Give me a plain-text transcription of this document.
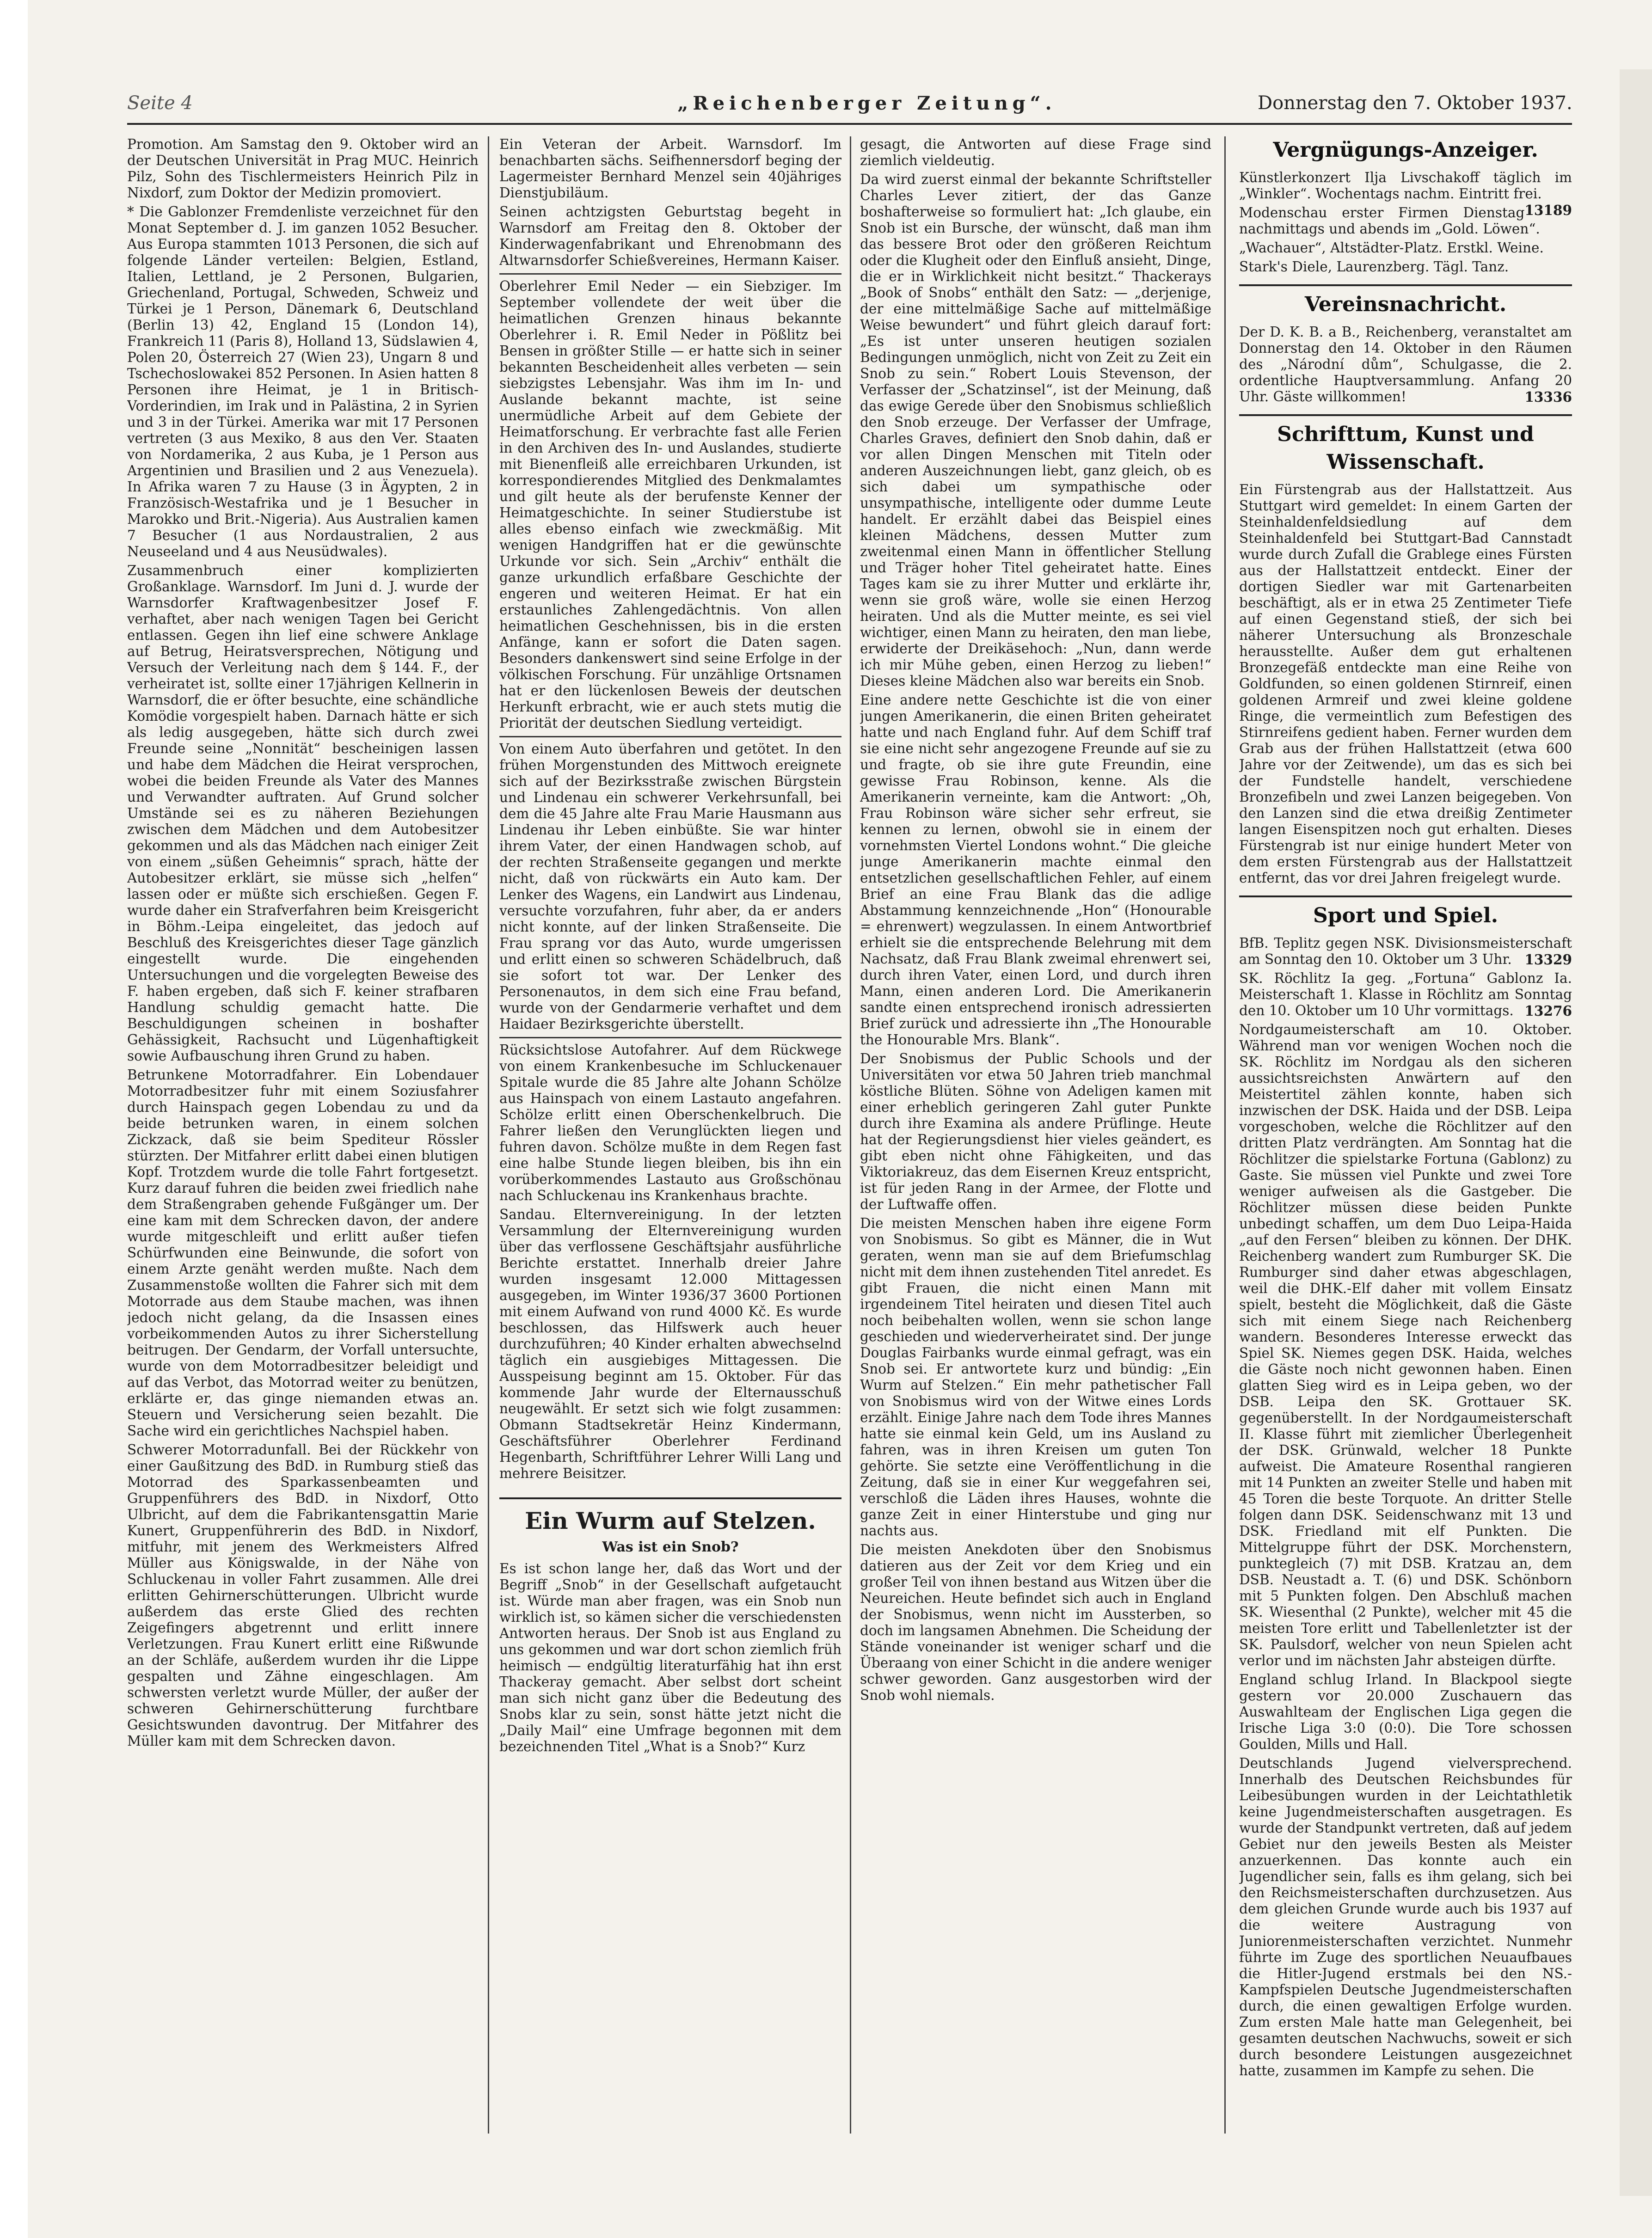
Seite 4	„Reichenberger Zeitung“.	Donnerstag den 7. Oktober 1937.

Promotion. Am Samstag den 9. Oktober wird an der Deutschen Universität in Prag MUC. Heinrich Pilz, Sohn des Tischlermeisters Heinrich Pilz in Nixdorf, zum Doktor der Medizin promoviert.

* Die Gablonzer Fremdenliste verzeichnet für den Monat September d. J. im ganzen 1052 Besucher. Aus Europa stammten 1013 Personen, die sich auf folgende Länder verteilen: Belgien, Estland, Italien, Lettland, je 2 Personen, Bulgarien, Griechenland, Portugal, Schweden, Schweiz und Türkei je 1 Person, Dänemark 6, Deutschland (Berlin 13) 42, England 15 (London 14), Frankreich 11 (Paris 8), Holland 13, Südslawien 4, Polen 20, Österreich 27 (Wien 23), Ungarn 8 und Tschechoslowakei 852 Personen. In Asien hatten 8 Personen ihre Heimat, je 1 in Britisch-Vorderindien, im Irak und in Palästina, 2 in Syrien und 3 in der Türkei. Amerika war mit 17 Personen vertreten (3 aus Mexiko, 8 aus den Ver. Staaten von Nordamerika, 2 aus Kuba, je 1 Person aus Argentinien und Brasilien und 2 aus Venezuela). In Afrika waren 7 zu Hause (3 in Ägypten, 2 in Französisch-Westafrika und je 1 Besucher in Marokko und Brit.-Nigeria). Aus Australien kamen 7 Besucher (1 aus Nordaustralien, 2 aus Neuseeland und 4 aus Neusüdwales).

Zusammenbruch einer komplizierten Großanklage. Warnsdorf. Im Juni d. J. wurde der Warnsdorfer Kraftwagenbesitzer Josef F. verhaftet, aber nach wenigen Tagen bei Gericht entlassen. Gegen ihn lief eine schwere Anklage auf Betrug, Heiratsversprechen, Nötigung und Versuch der Verleitung nach dem § 144. F., der verheiratet ist, sollte einer 17jährigen Kellnerin in Warnsdorf, die er öfter besuchte, eine schändliche Komödie vorgespielt haben. Darnach hätte er sich als ledig ausgegeben, hätte sich durch zwei Freunde seine „Nonnität“ bescheinigen lassen und habe dem Mädchen die Heirat versprochen, wobei die beiden Freunde als Vater des Mannes und Verwandter auftraten. Auf Grund solcher Umstände sei es zu näheren Beziehungen zwischen dem Mädchen und dem Autobesitzer gekommen und als das Mädchen nach einiger Zeit von einem „süßen Geheimnis“ sprach, hätte der Autobesitzer erklärt, sie müsse sich „helfen“ lassen oder er müßte sich erschießen. Gegen F. wurde daher ein Strafverfahren beim Kreisgericht in Böhm.-Leipa eingeleitet, das jedoch auf Beschluß des Kreisgerichtes dieser Tage gänzlich eingestellt wurde. Die eingehenden Untersuchungen und die vorgelegten Beweise des F. haben ergeben, daß sich F. keiner strafbaren Handlung schuldig gemacht hatte. Die Beschuldigungen scheinen in boshafter Gehässigkeit, Rachsucht und Lügenhaftigkeit sowie Aufbauschung ihren Grund zu haben.

Betrunkene Motorradfahrer. Ein Lobendauer Motorradbesitzer fuhr mit einem Soziusfahrer durch Hainspach gegen Lobendau zu und da beide betrunken waren, in einem solchen Zickzack, daß sie beim Spediteur Rössler stürzten. Der Mitfahrer erlitt dabei einen blutigen Kopf. Trotzdem wurde die tolle Fahrt fortgesetzt. Kurz darauf fuhren die beiden zwei friedlich nahe dem Straßengraben gehende Fußgänger um. Der eine kam mit dem Schrecken davon, der andere wurde mitgeschleift und erlitt außer tiefen Schürfwunden eine Beinwunde, die sofort von einem Arzte genäht werden mußte. Nach dem Zusammenstoße wollten die Fahrer sich mit dem Motorrade aus dem Staube machen, was ihnen jedoch nicht gelang, da die Insassen eines vorbeikommenden Autos zu ihrer Sicherstellung beitrugen. Der Gendarm, der Vorfall untersuchte, wurde von dem Motorradbesitzer beleidigt und auf das Verbot, das Motorrad weiter zu benützen, erklärte er, das ginge niemanden etwas an. Steuern und Versicherung seien bezahlt. Die Sache wird ein gerichtliches Nachspiel haben.

Schwerer Motorradunfall. Bei der Rückkehr von einer Gaußitzung des BdD. in Rumburg stieß das Motorrad des Sparkassenbeamten und Gruppenführers des BdD. in Nixdorf, Otto Ulbricht, auf dem die Fabrikantensgattin Marie Kunert, Gruppenführerin des BdD. in Nixdorf, mitfuhr, mit jenem des Werkmeisters Alfred Müller aus Königswalde, in der Nähe von Schluckenau in voller Fahrt zusammen. Alle drei erlitten Gehirnerschütterungen. Ulbricht wurde außerdem das erste Glied des rechten Zeigefingers abgetrennt und erlitt innere Verletzungen. Frau Kunert erlitt eine Rißwunde an der Schläfe, außerdem wurden ihr die Lippe gespalten und Zähne eingeschlagen. Am schwersten verletzt wurde Müller, der außer der schweren Gehirnerschütterung furchtbare Gesichtswunden davontrug. Der Mitfahrer des Müller kam mit dem Schrecken davon.

Ein Veteran der Arbeit. Warnsdorf. Im benachbarten sächs. Seifhennersdorf beging der Lagermeister Bernhard Menzel sein 40jähriges Dienstjubiläum.

Seinen achtzigsten Geburtstag begeht in Warnsdorf am Freitag den 8. Oktober der Kinderwagenfabrikant und Ehrenobmann des Altwarnsdorfer Schießvereines, Hermann Kaiser.

Oberlehrer Emil Neder — ein Siebziger. Im September vollendete der weit über die heimatlichen Grenzen hinaus bekannte Oberlehrer i. R. Emil Neder in Pößlitz bei Bensen in größter Stille — er hatte sich in seiner bekannten Bescheidenheit alles verbeten — sein siebzigstes Lebensjahr. Was ihm im In- und Auslande bekannt machte, ist seine unermüdliche Arbeit auf dem Gebiete der Heimatforschung. Er verbrachte fast alle Ferien in den Archiven des In- und Auslandes, studierte mit Bienenfleiß alle erreichbaren Urkunden, ist korrespondierendes Mitglied des Denkmalamtes und gilt heute als der berufenste Kenner der Heimatgeschichte. In seiner Studierstube ist alles ebenso einfach wie zweckmäßig. Mit wenigen Handgriffen hat er die gewünschte Urkunde vor sich. Sein „Archiv“ enthält die ganze urkundlich erfaßbare Geschichte der engeren und weiteren Heimat. Er hat ein erstaunliches Zahlengedächtnis. Von allen heimatlichen Geschehnissen, bis in die ersten Anfänge, kann er sofort die Daten sagen. Besonders dankenswert sind seine Erfolge in der völkischen Forschung. Für unzählige Ortsnamen hat er den lückenlosen Beweis der deutschen Herkunft erbracht, wie er auch stets mutig die Priorität der deutschen Siedlung verteidigt.

Von einem Auto überfahren und getötet. In den frühen Morgenstunden des Mittwoch ereignete sich auf der Bezirksstraße zwischen Bürgstein und Lindenau ein schwerer Verkehrsunfall, bei dem die 45 Jahre alte Frau Marie Hausmann aus Lindenau ihr Leben einbüßte. Sie war hinter ihrem Vater, der einen Handwagen schob, auf der rechten Straßenseite gegangen und merkte nicht, daß von rückwärts ein Auto kam. Der Lenker des Wagens, ein Landwirt aus Lindenau, versuchte vorzufahren, fuhr aber, da er anders nicht konnte, auf der linken Straßenseite. Die Frau sprang vor das Auto, wurde umgerissen und erlitt einen so schweren Schädelbruch, daß sie sofort tot war. Der Lenker des Personenautos, in dem sich eine Frau befand, wurde von der Gendarmerie verhaftet und dem Haidaer Bezirksgerichte überstellt.

Rücksichtslose Autofahrer. Auf dem Rückwege von einem Krankenbesuche im Schluckenauer Spitale wurde die 85 Jahre alte Johann Schölze aus Hainspach von einem Lastauto angefahren. Schölze erlitt einen Oberschenkelbruch. Die Fahrer ließen den Verunglückten liegen und fuhren davon. Schölze mußte in dem Regen fast eine halbe Stunde liegen bleiben, bis ihn ein vorüberkommendes Lastauto aus Großschönau nach Schluckenau ins Krankenhaus brachte.

Sandau. Elternvereinigung. In der letzten Versammlung der Elternvereinigung wurden über das verflossene Geschäftsjahr ausführliche Berichte erstattet. Innerhalb dreier Jahre wurden insgesamt 12.000 Mittagessen ausgegeben, im Winter 1936/37 3600 Portionen mit einem Aufwand von rund 4000 Kč. Es wurde beschlossen, das Hilfswerk auch heuer durchzuführen; 40 Kinder erhalten abwechselnd täglich ein ausgiebiges Mittagessen. Die Ausspeisung beginnt am 15. Oktober. Für das kommende Jahr wurde der Elternausschuß neugewählt. Er setzt sich wie folgt zusammen: Obmann Stadtsekretär Heinz Kindermann, Geschäftsführer Oberlehrer Ferdinand Hegenbarth, Schriftführer Lehrer Willi Lang und mehrere Beisitzer.

Ein Wurm auf Stelzen.
Was ist ein Snob?

Es ist schon lange her, daß das Wort und der Begriff „Snob“ in der Gesellschaft aufgetaucht ist. Würde man aber fragen, was ein Snob nun wirklich ist, so kämen sicher die verschiedensten Antworten heraus. Der Snob ist aus England zu uns gekommen und war dort schon ziemlich früh heimisch — endgültig literaturfähig hat ihn erst Thackeray gemacht. Aber selbst dort scheint man sich nicht ganz über die Bedeutung des Snobs klar zu sein, sonst hätte jetzt nicht die „Daily Mail“ eine Umfrage begonnen mit dem bezeichnenden Titel „What is a Snob?“ Kurz

gesagt, die Antworten auf diese Frage sind ziemlich vieldeutig.

Da wird zuerst einmal der bekannte Schriftsteller Charles Lever zitiert, der das Ganze boshafterweise so formuliert hat: „Ich glaube, ein Snob ist ein Bursche, der wünscht, daß man ihm das bessere Brot oder den größeren Reichtum oder die Klugheit oder den Einfluß ansieht, Dinge, die er in Wirklichkeit nicht besitzt.“ Thackerays „Book of Snobs“ enthält den Satz: — „derjenige, der eine mittelmäßige Sache auf mittelmäßige Weise bewundert“ und führt gleich darauf fort: „Es ist unter unseren heutigen sozialen Bedingungen unmöglich, nicht von Zeit zu Zeit ein Snob zu sein.“ Robert Louis Stevenson, der Verfasser der „Schatzinsel“, ist der Meinung, daß das ewige Gerede über den Snobismus schließlich den Snob erzeuge. Der Verfasser der Umfrage, Charles Graves, definiert den Snob dahin, daß er vor allen Dingen Menschen mit Titeln oder anderen Auszeichnungen liebt, ganz gleich, ob es sich dabei um sympathische oder unsympathische, intelligente oder dumme Leute handelt. Er erzählt dabei das Beispiel eines kleinen Mädchens, dessen Mutter zum zweitenmal einen Mann in öffentlicher Stellung und Träger hoher Titel geheiratet hatte. Eines Tages kam sie zu ihrer Mutter und erklärte ihr, wenn sie groß wäre, wolle sie einen Herzog heiraten. Und als die Mutter meinte, es sei viel wichtiger, einen Mann zu heiraten, den man liebe, erwiderte der Dreikäsehoch: „Nun, dann werde ich mir Mühe geben, einen Herzog zu lieben!“ Dieses kleine Mädchen also war bereits ein Snob.

Eine andere nette Geschichte ist die von einer jungen Amerikanerin, die einen Briten geheiratet hatte und nach England fuhr. Auf dem Schiff traf sie eine nicht sehr angezogene Freunde auf sie zu und fragte, ob sie ihre gute Freundin, eine gewisse Frau Robinson, kenne. Als die Amerikanerin verneinte, kam die Antwort: „Oh, Frau Robinson wäre sicher sehr erfreut, sie kennen zu lernen, obwohl sie in einem der vornehmsten Viertel Londons wohnt.“ Die gleiche junge Amerikanerin machte einmal den entsetzlichen gesellschaftlichen Fehler, auf einem Brief an eine Frau Blank das die adlige Abstammung kennzeichnende „Hon“ (Honourable = ehrenwert) wegzulassen. In einem Antwortbrief erhielt sie die entsprechende Belehrung mit dem Nachsatz, daß Frau Blank zweimal ehrenwert sei, durch ihren Vater, einen Lord, und durch ihren Mann, einen anderen Lord. Die Amerikanerin sandte einen entsprechend ironisch adressierten Brief zurück und adressierte ihn „The Honourable the Honourable Mrs. Blank“.

Der Snobismus der Public Schools und der Universitäten vor etwa 50 Jahren trieb manchmal köstliche Blüten. Söhne von Adeligen kamen mit einer erheblich geringeren Zahl guter Punkte durch ihre Examina als andere Prüflinge. Heute hat der Regierungsdienst hier vieles geändert, es gibt eben nicht ohne Fähigkeiten, und das Viktoriakreuz, das dem Eisernen Kreuz entspricht, ist für jeden Rang in der Armee, der Flotte und der Luftwaffe offen.

Die meisten Menschen haben ihre eigene Form von Snobismus. So gibt es Männer, die in Wut geraten, wenn man sie auf dem Briefumschlag nicht mit dem ihnen zustehenden Titel anredet. Es gibt Frauen, die nicht einen Mann mit irgendeinem Titel heiraten und diesen Titel auch noch beibehalten wollen, wenn sie schon lange geschieden und wiederverheiratet sind. Der junge Douglas Fairbanks wurde einmal gefragt, was ein Snob sei. Er antwortete kurz und bündig: „Ein Wurm auf Stelzen.“ Ein mehr pathetischer Fall von Snobismus wird von der Witwe eines Lords erzählt. Einige Jahre nach dem Tode ihres Mannes hatte sie einmal kein Geld, um ins Ausland zu fahren, was in ihren Kreisen um guten Ton gehörte. Sie setzte eine Veröffentlichung in die Zeitung, daß sie in einer Kur weggefahren sei, verschloß die Läden ihres Hauses, wohnte die ganze Zeit in einer Hinterstube und ging nur nachts aus.

Die meisten Anekdoten über den Snobismus datieren aus der Zeit vor dem Krieg und ein großer Teil von ihnen bestand aus Witzen über die Neureichen. Heute befindet sich auch in England der Snobismus, wenn nicht im Aussterben, so doch im langsamen Abnehmen. Die Scheidung der Stände voneinander ist weniger scharf und die Überaang von einer Schicht in die andere weniger schwer geworden. Ganz ausgestorben wird der Snob wohl niemals.

Vergnügungs-Anzeiger.

Künstlerkonzert Ilja Livschakoff täglich im „Winkler“. Wochentags nachm. Eintritt frei.
13189

Modenschau erster Firmen Dienstag nachmittags und abends im „Gold. Löwen“.

„Wachauer“, Altstädter-Platz. Erstkl. Weine.

Stark's Diele, Laurenzberg. Tägl. Tanz.

Vereinsnachricht.

Der D. K. B. a B., Reichenberg, veranstaltet am Donnerstag den 14. Oktober in den Räumen des „Národní dům“, Schulgasse, die 2. ordentliche Hauptversammlung. Anfang 20 Uhr. Gäste willkommen!	13336

Schrifttum, Kunst und Wissenschaft.

Ein Fürstengrab aus der Hallstattzeit. Aus Stuttgart wird gemeldet: In einem Garten der Steinhaldenfeldsiedlung auf dem Steinhaldenfeld bei Stuttgart-Bad Cannstadt wurde durch Zufall die Grablege eines Fürsten aus der Hallstattzeit entdeckt. Einer der dortigen Siedler war mit Gartenarbeiten beschäftigt, als er in etwa 25 Zentimeter Tiefe auf einen Gegenstand stieß, der sich bei näherer Untersuchung als Bronzeschale herausstellte. Außer dem gut erhaltenen Bronzegefäß entdeckte man eine Reihe von Goldfunden, so einen goldenen Stirnreif, einen goldenen Armreif und zwei kleine goldene Ringe, die vermeintlich zum Befestigen des Stirnreifens gedient haben. Ferner wurden dem Grab aus der frühen Hallstattzeit (etwa 600 Jahre vor der Zeitwende), um das es sich bei der Fundstelle handelt, verschiedene Bronzefibeln und zwei Lanzen beigegeben. Von den Lanzen sind die etwa dreißig Zentimeter langen Eisenspitzen noch gut erhalten. Dieses Fürstengrab ist nur einige hundert Meter von dem ersten Fürstengrab aus der Hallstattzeit entfernt, das vor drei Jahren freigelegt wurde.

Sport und Spiel.

BfB. Teplitz gegen NSK. Divisionsmeisterschaft am Sonntag den 10. Oktober um 3 Uhr. 13329

SK. Röchlitz Ia geg. „Fortuna“ Gablonz Ia. Meisterschaft 1. Klasse in Röchlitz am Sonntag den 10. Oktober um 10 Uhr vormittags. 13276

Nordgaumeisterschaft am 10. Oktober. Während man vor wenigen Wochen noch die SK. Röchlitz im Nordgau als den sicheren aussichtsreichsten Anwärtern auf den Meistertitel zählen konnte, haben sich inzwischen der DSK. Haida und der DSB. Leipa vorgeschoben, welche die Röchlitzer auf den dritten Platz verdrängten. Am Sonntag hat die Röchlitzer die spielstarke Fortuna (Gablonz) zu Gaste. Sie müssen viel Punkte und zwei Tore weniger aufweisen als die Gastgeber. Die Röchlitzer müssen diese beiden Punkte unbedingt schaffen, um dem Duo Leipa-Haida „auf den Fersen“ bleiben zu können. Der DHK. Reichenberg wandert zum Rumburger SK. Die Rumburger sind daher etwas abgeschlagen, weil die DHK.-Elf daher mit vollem Einsatz spielt, besteht die Möglichkeit, daß die Gäste sich mit einem Siege nach Reichenberg wandern. Besonderes Interesse erweckt das Spiel SK. Niemes gegen DSK. Haida, welches die Gäste noch nicht gewonnen haben. Einen glatten Sieg wird es in Leipa geben, wo der DSB. Leipa den SK. Grottauer SK. gegenüberstellt. In der Nordgaumeisterschaft II. Klasse führt mit ziemlicher Überlegenheit der DSK. Grünwald, welcher 18 Punkte aufweist. Die Amateure Rosenthal rangieren mit 14 Punkten an zweiter Stelle und haben mit 45 Toren die beste Torquote. An dritter Stelle folgen dann DSK. Seidenschwanz mit 13 und DSK. Friedland mit elf Punkten. Die Mittelgruppe führt der DSK. Morchenstern, punktegleich (7) mit DSB. Kratzau an, dem DSB. Neustadt a. T. (6) und DSK. Schönborn mit 5 Punkten folgen. Den Abschluß machen SK. Wiesenthal (2 Punkte), welcher mit 45 die meisten Tore erlitt und Tabellenletzter ist der SK. Paulsdorf, welcher von neun Spielen acht verlor und im nächsten Jahr absteigen dürfte.

England schlug Irland. In Blackpool siegte gestern vor 20.000 Zuschauern das Auswahlteam der Englischen Liga gegen die Irische Liga 3:0 (0:0). Die Tore schossen Goulden, Mills und Hall.

Deutschlands Jugend vielversprechend. Innerhalb des Deutschen Reichsbundes für Leibesübungen wurden in der Leichtathletik keine Jugendmeisterschaften ausgetragen. Es wurde der Standpunkt vertreten, daß auf jedem Gebiet nur den jeweils Besten als Meister anzuerkennen. Das konnte auch ein Jugendlicher sein, falls es ihm gelang, sich bei den Reichsmeisterschaften durchzusetzen. Aus dem gleichen Grunde wurde auch bis 1937 auf die weitere Austragung von Juniorenmeisterschaften verzichtet. Nunmehr führte im Zuge des sportlichen Neuaufbaues die Hitler-Jugend erstmals bei den NS.-Kampfspielen Deutsche Jugendmeisterschaften durch, die einen gewaltigen Erfolge wurden. Zum ersten Male hatte man Gelegenheit, bei gesamten deutschen Nachwuchs, soweit er sich durch besondere Leistungen ausgezeichnet hatte, zusammen im Kampfe zu sehen. Die
